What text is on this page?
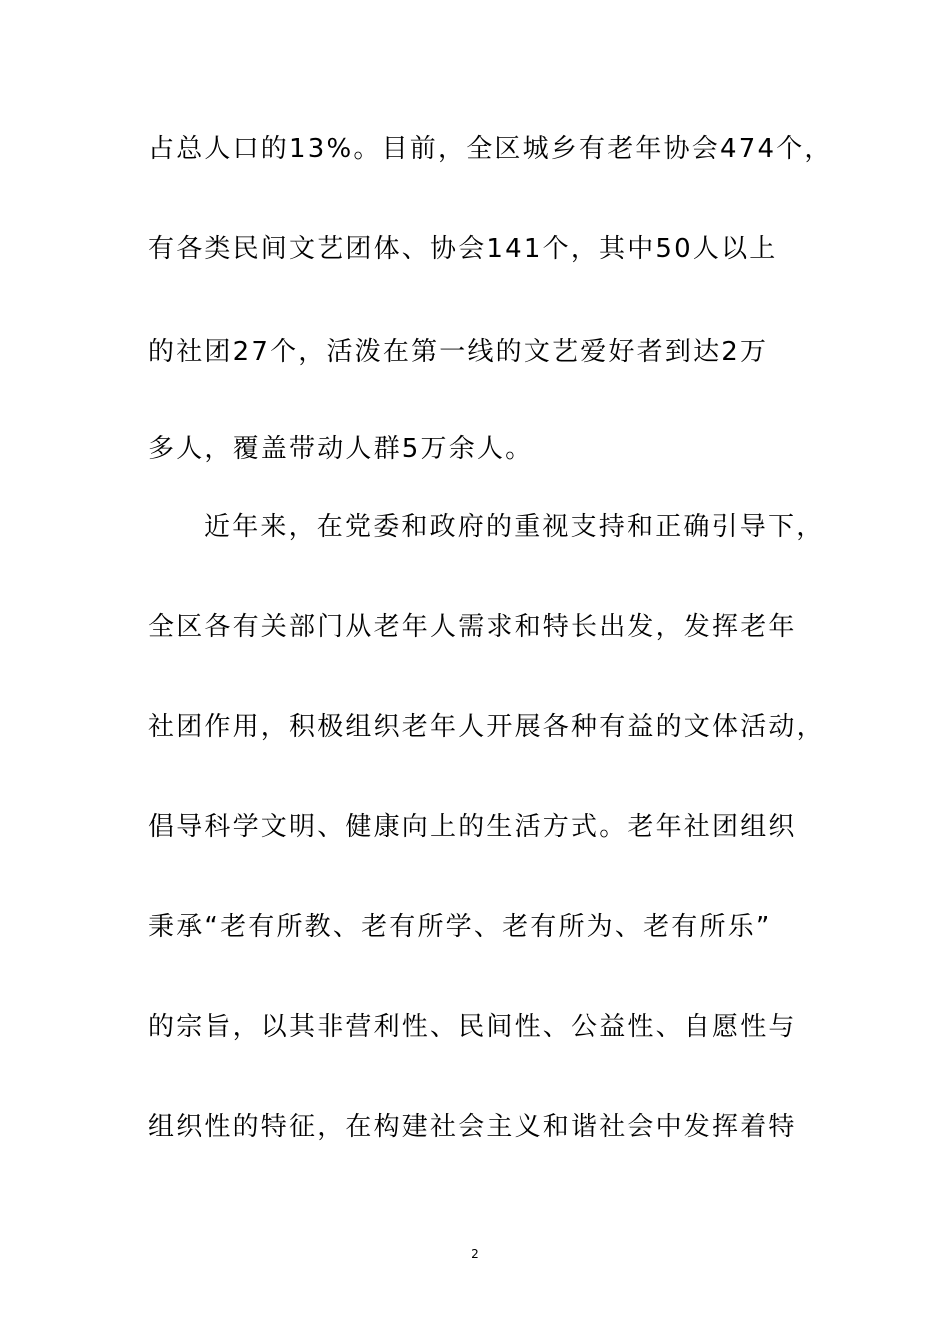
占总人口的13%。目前，全区城乡有老年协会474个，
有各类民间文艺团体、协会141个，其中50人以上
的社团27个，活泼在第一线的文艺爱好者到达2万
多人，覆盖带动人群5万余人。
近年来，在党委和政府的重视支持和正确引导下，
全区各有关部门从老年人需求和特长出发，发挥老年
社团作用，积极组织老年人开展各种有益的文体活动，
倡导科学文明、健康向上的生活方式。老年社团组织
秉承“老有所教、老有所学、老有所为、老有所乐”
的宗旨，以其非营利性、民间性、公益性、自愿性与
组织性的特征，在构建社会主义和谐社会中发挥着特
2
